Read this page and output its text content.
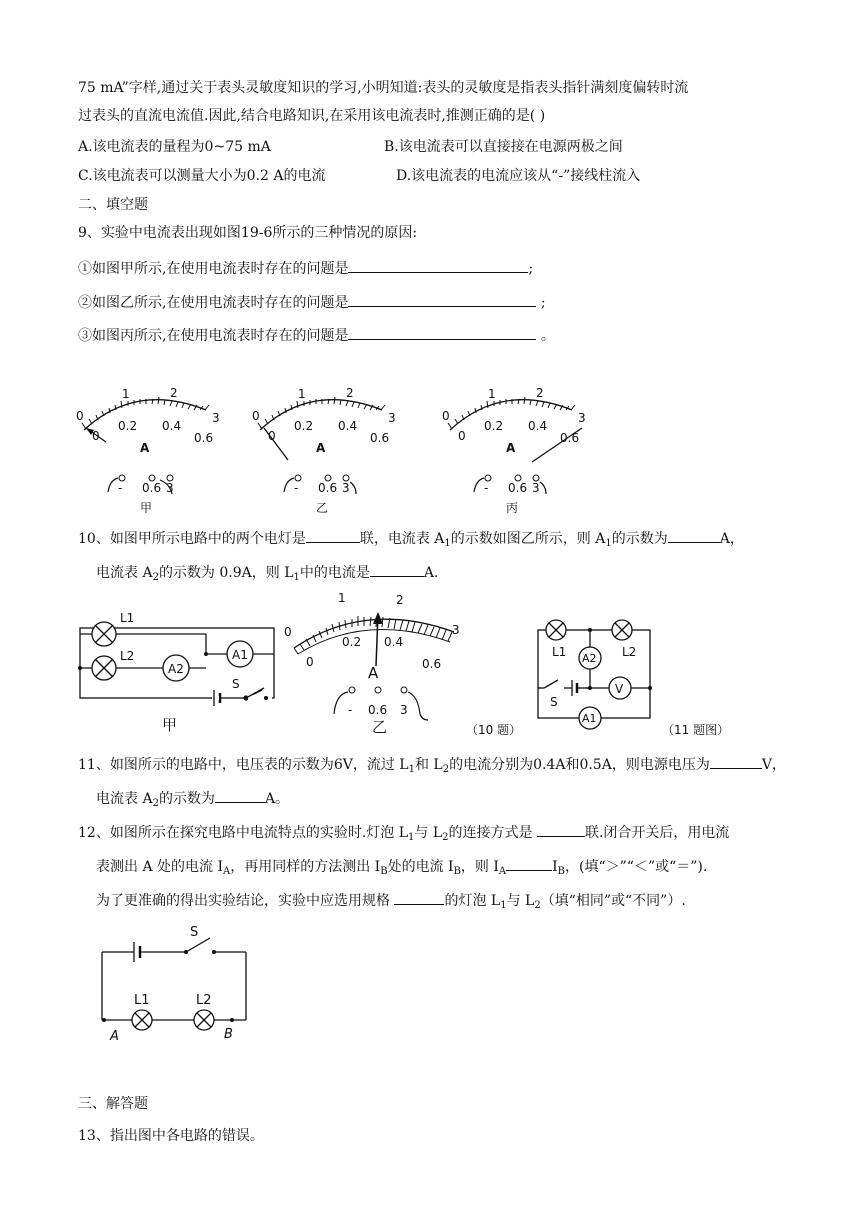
75 mA”字样,通过关于表头灵敏度知识的学习,小明知道:表头的灵敏度是指表头指针满刻度偏转时流
过表头的直流电流值.因此,结合电路知识,在采用该电流表时,推测正确的是( )
A.该电流表的量程为0~75 mA	B.该电流表可以直接接在电源两极之间
C.该电流表可以测量大小为0.2 A的电流	D.该电流表的电流应该从“-”接线柱流入
二、填空题
9、实验中电流表出现如图19-6所示的三种情况的原因:
①如图甲所示,在使用电流表时存在的问题是	;
②如图乙所示,在使用电流表时存在的问题是	;
③如图丙所示,在使用电流表时存在的问题是	。
0
1	2
3
0
0.2 0.4
0.6
A
- 0.6 3
甲
0
1	2
3
0
0.2 0.4
0.6
A
- 0.6 3
乙
0
1	2
3
0
0.2 0.4
0.6
A
- 0.6 3
丙
10、如图甲所示电路中的两个电灯是	联，电流表 $A_1$的示数如图乙所示，则 $A_1$的示数为	A，
电流表 $A_2$的示数为 0.9A，则 $L_1$中的电流是	A．
L1
L2
A2
A1
S
甲
0
1	2
3
0
0.2 0.4
0.6
A
- 0.6 3
乙	（10 题）
L1	L2
A2
V
S
A1
（11 题图）
11、如图所示的电路中，电压表的示数为6V，流过 $L_1$和 $L_2$的电流分别为0.4A和0.5A，则电源电压为	V，
电流表 $A_2$的示数为	A。
12、如图所示在探究电路中电流特点的实验时.灯泡 $L_1$与 $L_2$的连接方式是	联.闭合开关后，用电流
表测出 A 处的电流 $I_A$，再用同样的方法测出 $I_B$处的电流 $I_B$，则 $I_A$	$I_B$，(填“＞”“＜”或“＝”).
为了更准确的得出实验结论，实验中应选用规格	的灯泡 $L_1$与 $L_2$（填“相同”或“不同”）.
S
L1	L2
A	B
三、解答题
13、指出图中各电路的错误。
